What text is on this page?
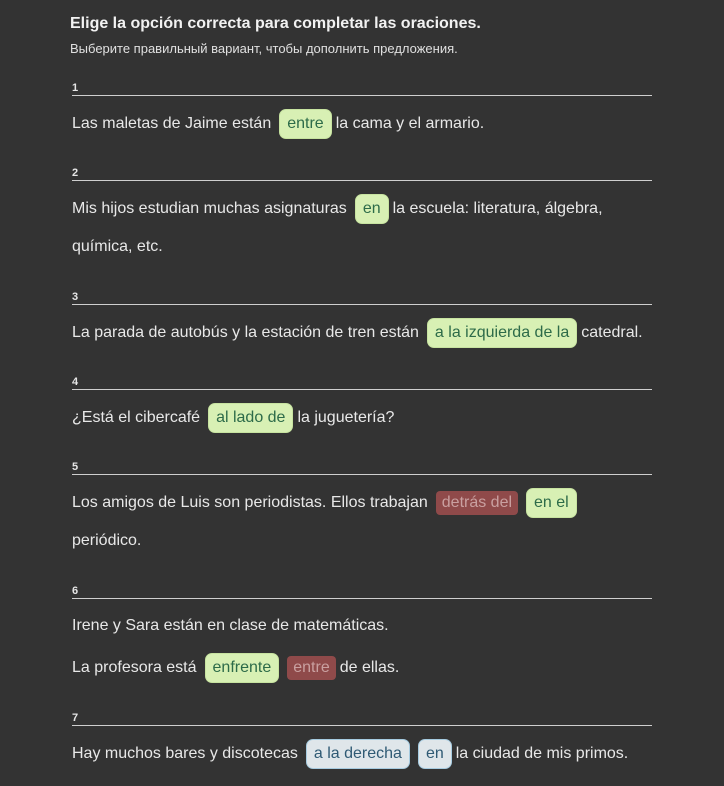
Elige la opción correcta para completar las oraciones.
Выберите правильный вариант, чтобы дополнить предложения.
1
Las maletas de Jaime están	entre la cama y el armario.
2
Mis hijos estudian muchas asignaturas	en la escuela: literatura, álgebra,
química, etc.
3
La parada de autobús y la estación de tren están	a la izquierda de la catedral.
4
¿Está el cibercafé	al lado de la juguetería?
5
Los amigos de Luis son periodistas. Ellos trabajan detrás del	en el
periódico.
6
Irene y Sara están en clase de matemáticas.
La profesora está	enfrente	entre de ellas.
7
Hay muchos bares y discotecas	a la derecha	en la ciudad de mis primos.
